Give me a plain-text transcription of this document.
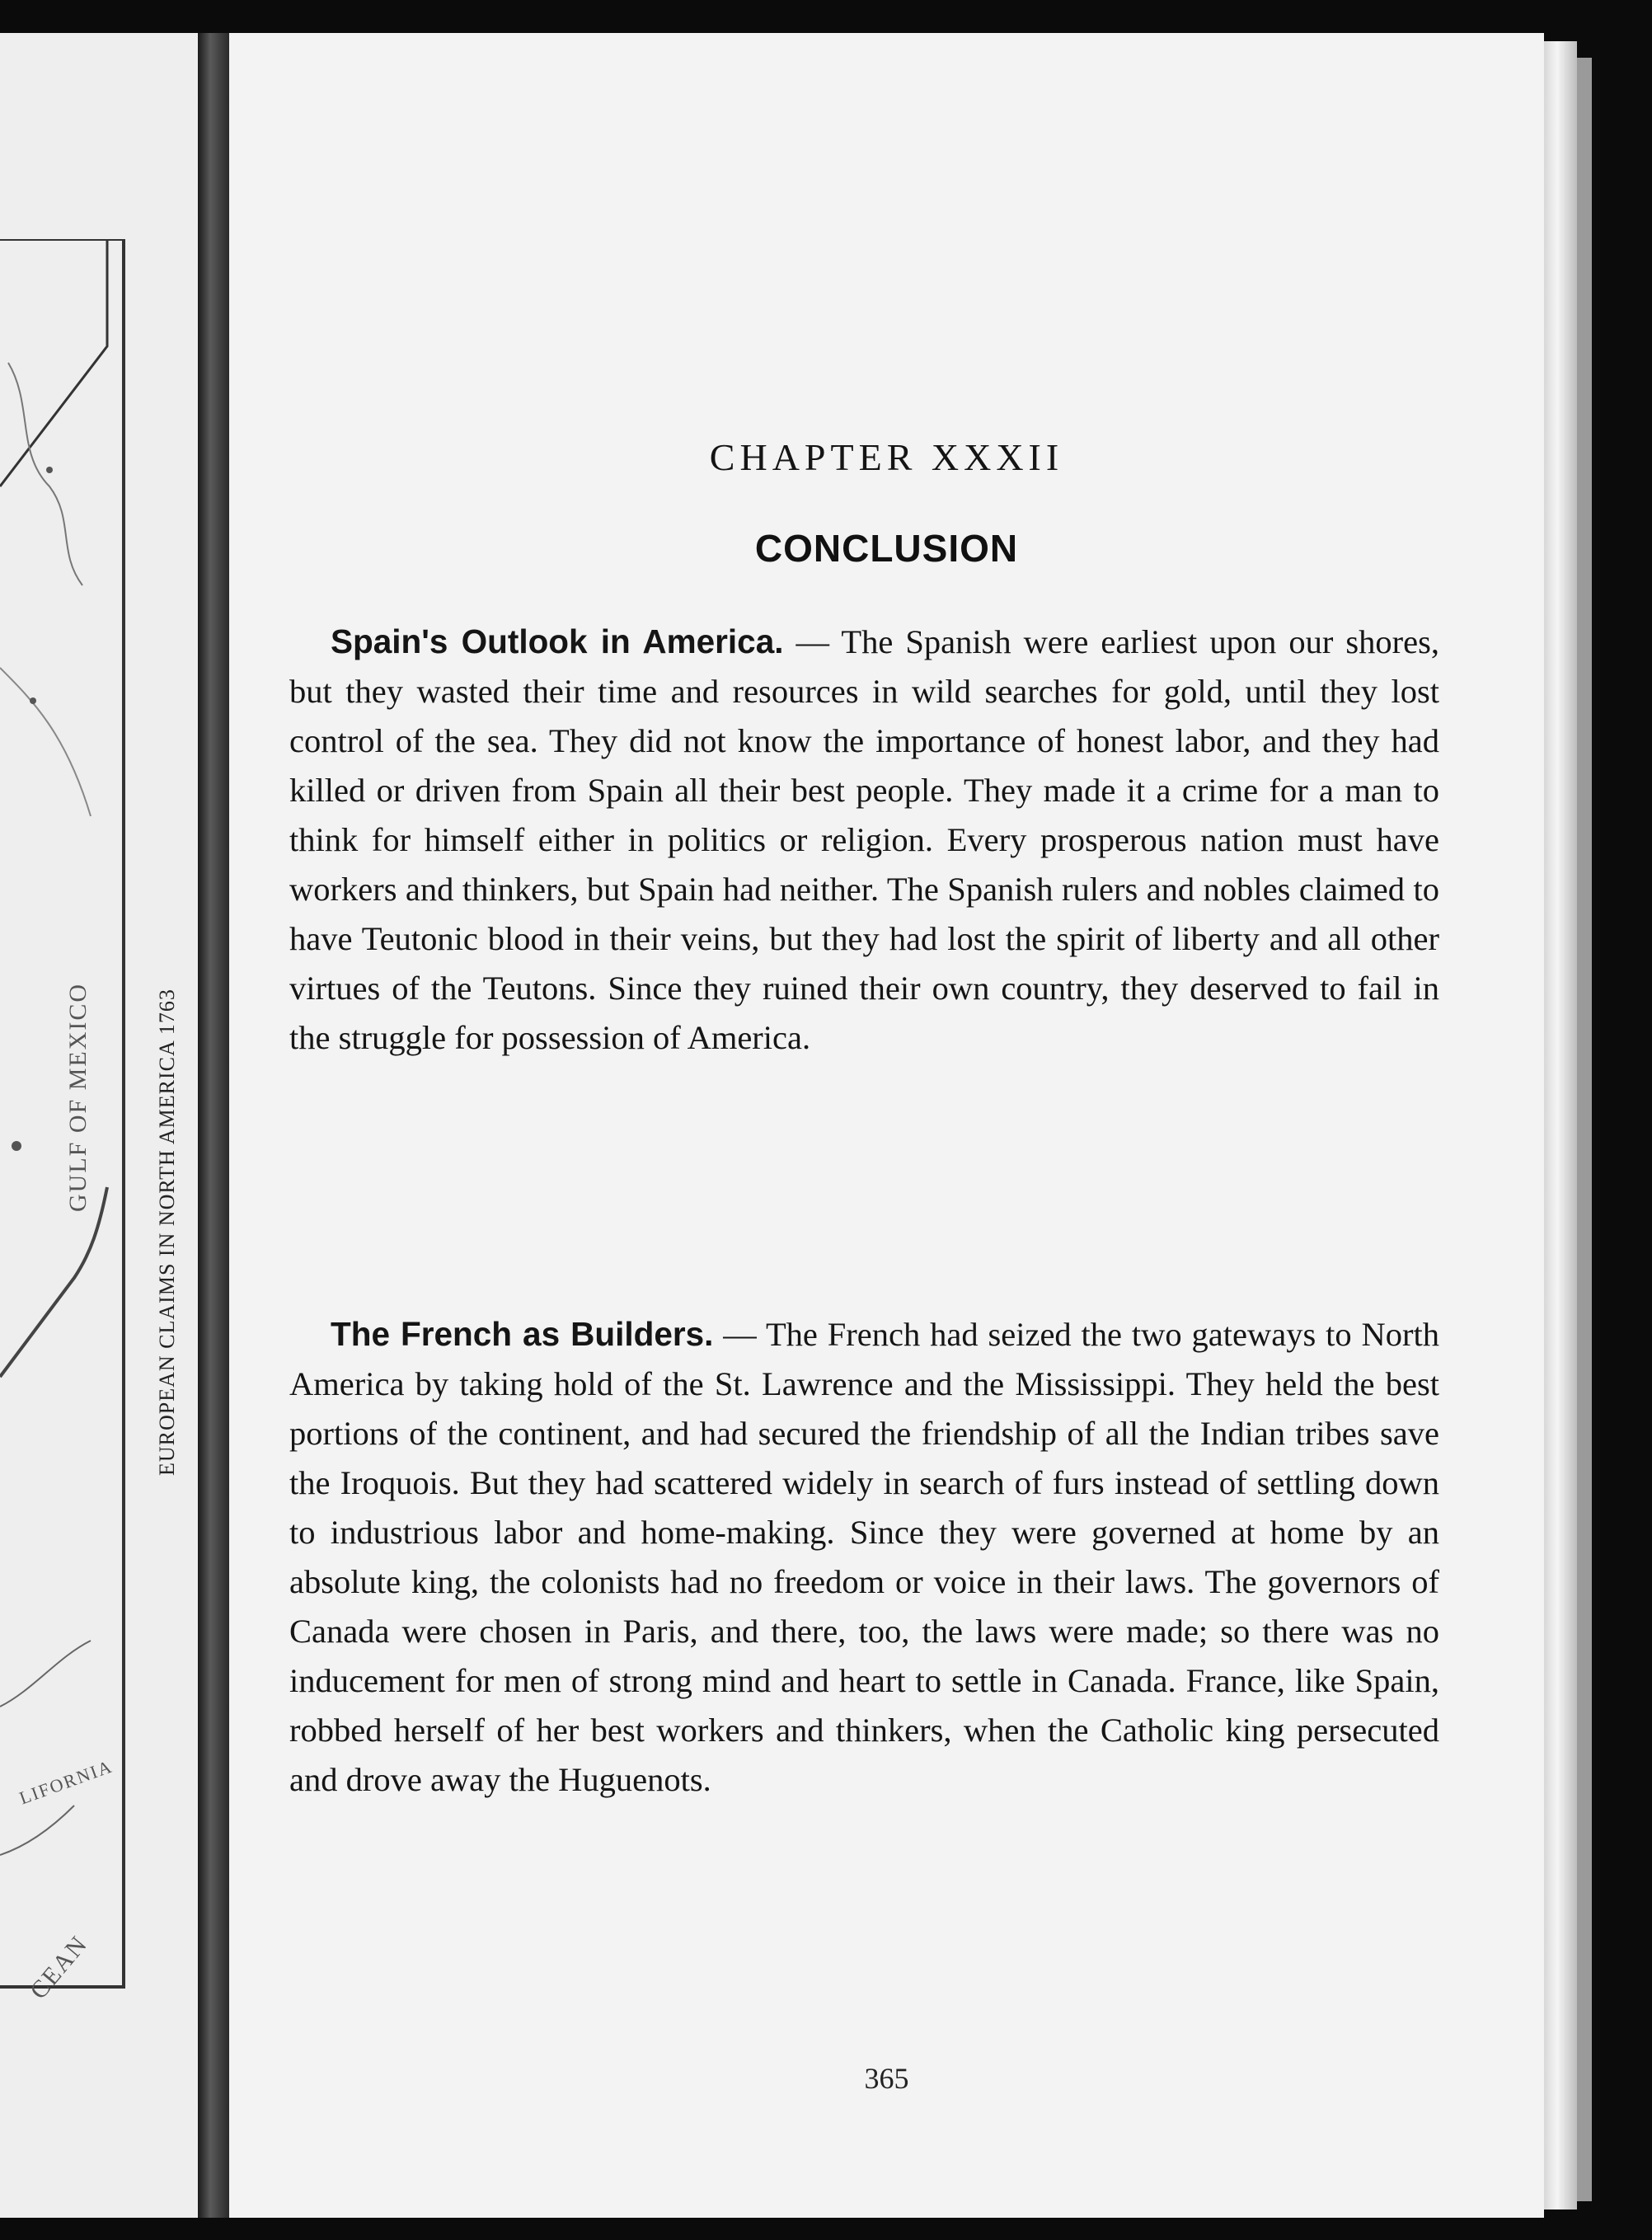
GULF OF MEXICO
CEAN
LIFORNIA
EUROPEAN CLAIMS IN NORTH AMERICA 1763
CHAPTER XXXII
CONCLUSION
Spain's Outlook in America. — The Spanish were earliest upon our shores, but they wasted their time and resources in wild searches for gold, until they lost control of the sea. They did not know the importance of honest labor, and they had killed or driven from Spain all their best people. They made it a crime for a man to think for himself either in politics or religion. Every prosperous nation must have workers and thinkers, but Spain had neither. The Spanish rulers and nobles claimed to have Teutonic blood in their veins, but they had lost the spirit of liberty and all other virtues of the Teutons. Since they ruined their own country, they deserved to fail in the struggle for possession of America.
The French as Builders. — The French had seized the two gateways to North America by taking hold of the St. Lawrence and the Mississippi. They held the best portions of the continent, and had secured the friendship of all the Indian tribes save the Iroquois. But they had scattered widely in search of furs instead of settling down to industrious labor and home-making. Since they were governed at home by an absolute king, the colonists had no freedom or voice in their laws. The governors of Canada were chosen in Paris, and there, too, the laws were made; so there was no inducement for men of strong mind and heart to settle in Canada. France, like Spain, robbed herself of her best workers and thinkers, when the Catholic king persecuted and drove away the Huguenots.
365
